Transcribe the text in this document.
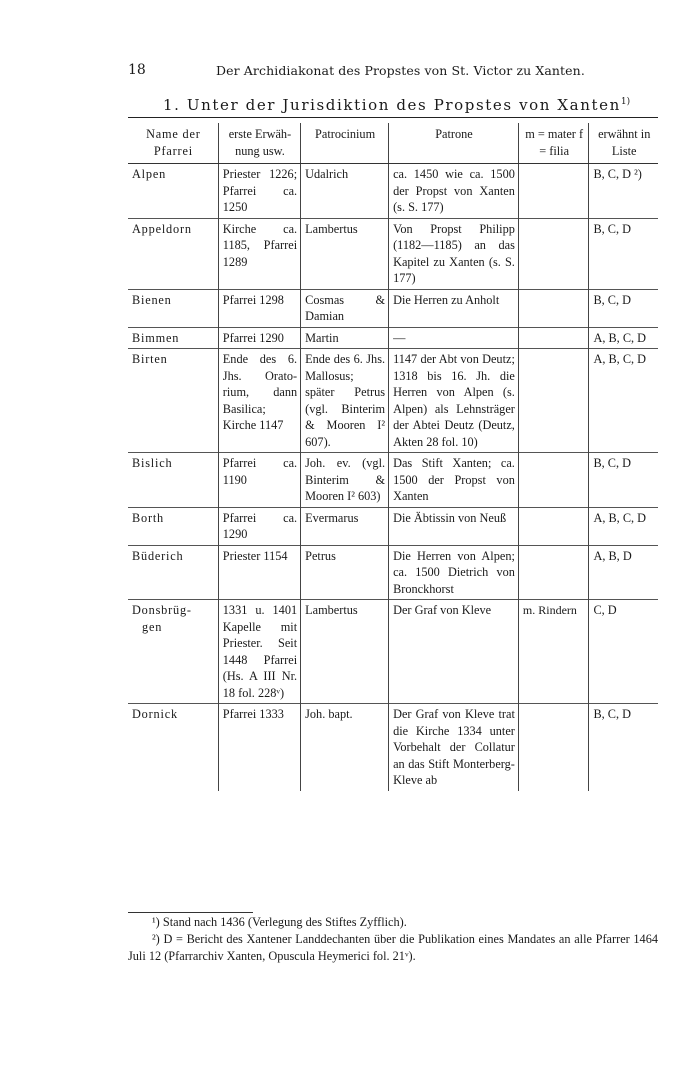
18	Der Archidiakonat des Propstes von St. Victor zu Xanten.
1. Unter der Jurisdiktion des Propstes von Xanten$^{1)}$
Name der Pfarrei	erste Erwähnung usw.	Patrocinium	Patrone	m = mater f = filia	erwähnt in Liste

Alpen	Priester 1226; Pfarrei ca. 1250	Udalrich	ca. 1450 wie ca. 1500 der Propst von Xanten (s. S. 177)		B, C, D ²)

Appeldorn	Kirche ca. 1185, Pfarrei 1289	Lambertus	Von Propst Philipp (1182—1185) an das Kapitel zu Xanten (s. S. 177)		B, C, D

Bienen	Pfarrei 1298	Cosmas & Damian	Die Herren zu Anholt		B, C, D

Bimmen	Pfarrei 1290	Martin	—		A, B, C, D

Birten	Ende des 6. Jhs. Oratorium, dann Basilica; Kirche 1147	Ende des 6. Jhs. Mallosus; später Petrus (vgl. Binterim & Mooren I² 607).	1147 der Abt von Deutz; 1318 bis 16. Jh. die Herren von Alpen (s. Alpen) als Lehnsträger der Abtei Deutz (Deutz, Akten 28 fol. 10)		A, B, C, D

Bislich	Pfarrei ca. 1190	Joh. ev. (vgl. Binterim & Mooren I² 603)	Das Stift Xanten; ca. 1500 der Propst von Xanten		B, C, D

Borth	Pfarrei ca. 1290	Evermarus	Die Äbtissin von Neuß		A, B, C, D

Büderich	Priester 1154	Petrus	Die Herren von Alpen; ca. 1500 Dietrich von Bronckhorst		A, B, D

Donsbrüg-
gen	1331 u. 1401 Kapelle mit Priester. Seit 1448 Pfarrei (Hs. A III Nr. 18 fol. 228ᵛ)	Lambertus	Der Graf von Kleve	m. Rindern	C, D

Dornick	Pfarrei 1333	Joh. bapt.	Der Graf von Kleve trat die Kirche 1334 unter Vorbehalt der Collatur an das Stift Monterberg-Kleve ab		B, C, D

¹) Stand nach 1436 (Verlegung des Stiftes Zyfflich).

²) D = Bericht des Xantener Landdechanten über die Publikation eines Mandates an alle Pfarrer 1464 Juli 12 (Pfarrarchiv Xanten, Opuscula Heymerici fol. 21ᵛ).
